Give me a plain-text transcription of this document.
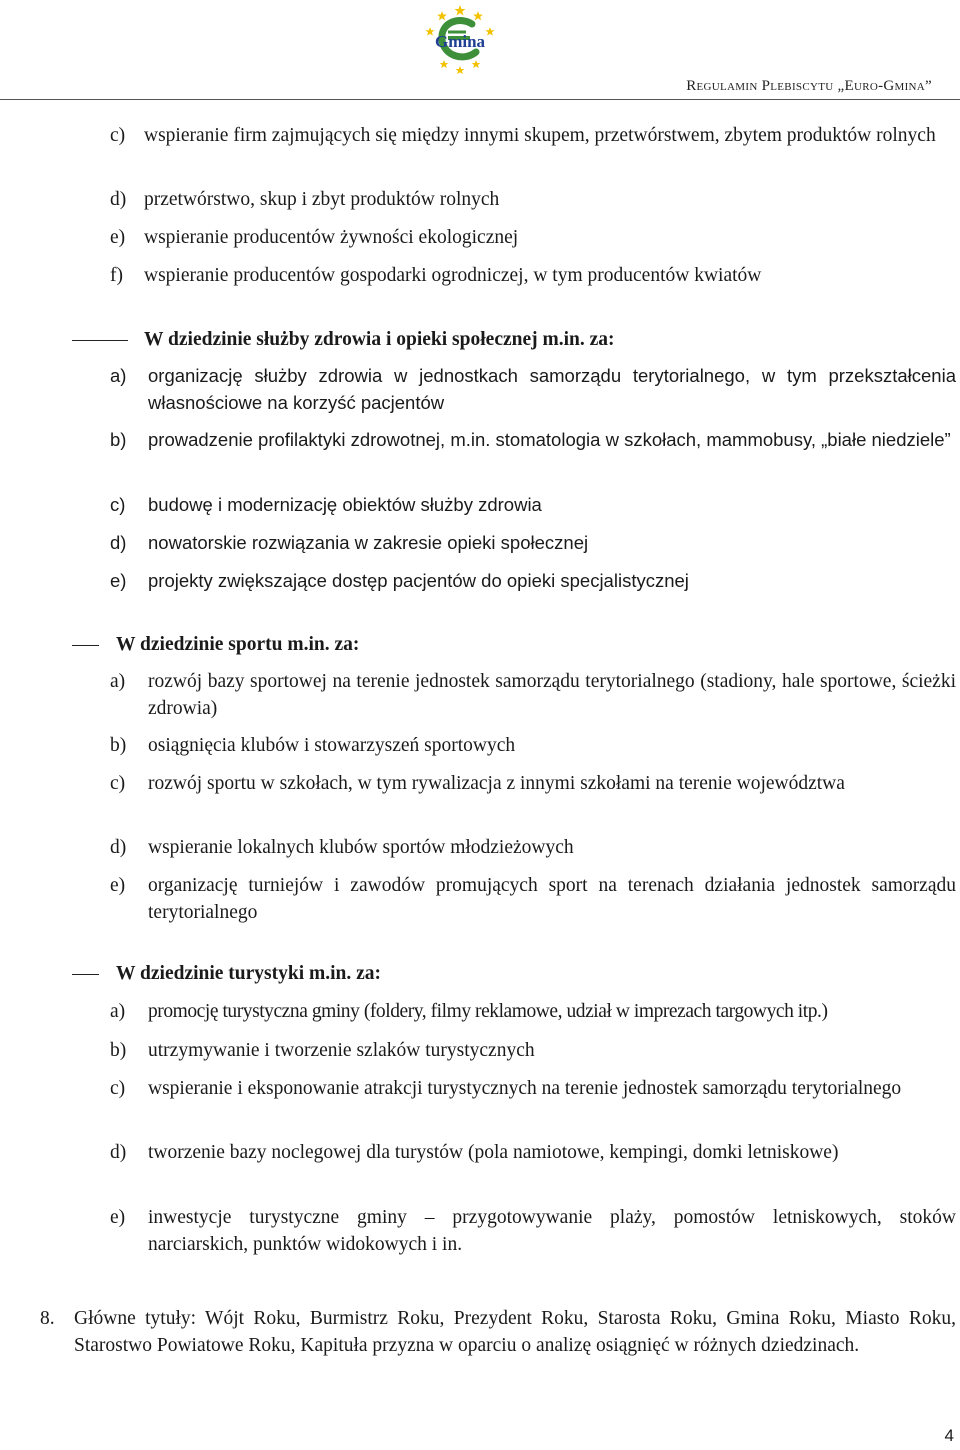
Gmina
Regulamin Plebiscytu „Euro-Gmina”
c) wspieranie firm zajmujących się między innymi skupem, przetwórstwem, zbytem produktów rolnych
d) przetwórstwo, skup i zbyt produktów rolnych
e) wspieranie producentów żywności ekologicznej
f)	wspieranie producentów gospodarki ogrodniczej, w tym producentów kwiatów
W dziedzinie służby zdrowia i opieki społecznej m.in. za:
a)	organizację służby zdrowia w jednostkach samorządu terytorialnego, w tym przekształcenia własnościowe na korzyść pacjentów
b)	prowadzenie profilaktyki zdrowotnej, m.in. stomatologia w szkołach, mammobusy, „białe niedziele”
c)	budowę i modernizację obiektów służby zdrowia
d)	nowatorskie rozwiązania w zakresie opieki społecznej
e)	projekty zwiększające dostęp pacjentów do opieki specjalistycznej
W dziedzinie sportu m.in. za:
a)	rozwój bazy sportowej na terenie jednostek samorządu terytorialnego (stadiony, hale sportowe, ścieżki zdrowia)
b)	osiągnięcia klubów i stowarzyszeń sportowych
c)	rozwój sportu w szkołach, w tym rywalizacja z innymi szkołami na terenie województwa
d)	wspieranie lokalnych klubów sportów młodzieżowych
e)	organizację turniejów i zawodów promujących sport na terenach działania jednostek samorządu terytorialnego
W dziedzinie turystyki m.in. za:
a)	promocję turystyczna gminy (foldery, filmy reklamowe, udział w imprezach targowych itp.)
b)	utrzymywanie i tworzenie szlaków turystycznych
c)	wspieranie i eksponowanie atrakcji turystycznych na terenie jednostek samorządu terytorialnego
d)	tworzenie bazy noclegowej dla turystów (pola namiotowe, kempingi, domki letniskowe)
e)	inwestycje turystyczne gminy – przygotowywanie plaży, pomostów letniskowych, stoków narciarskich, punktów widokowych i in.
8. Główne tytuły: Wójt Roku, Burmistrz Roku, Prezydent Roku, Starosta Roku, Gmina Roku, Miasto Roku, Starostwo Powiatowe Roku, Kapituła przyzna w oparciu o analizę osiągnięć w różnych dziedzinach.
4
